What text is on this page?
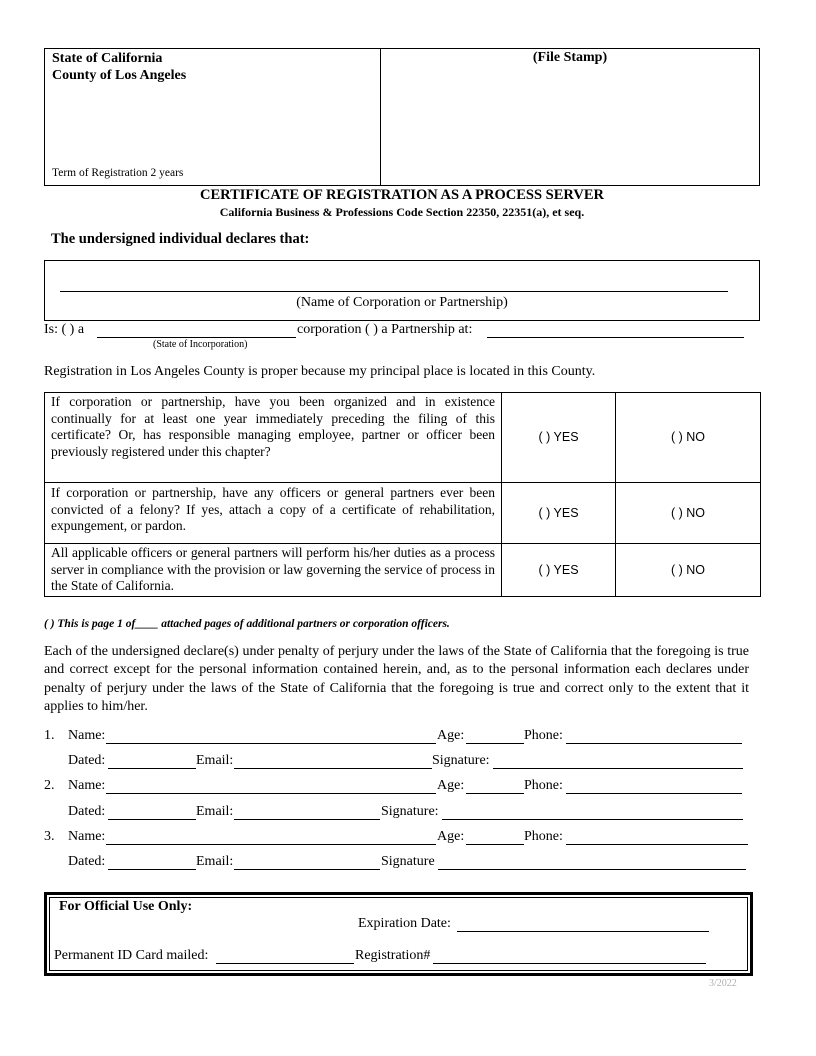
State of California
County of Los Angeles
Term of Registration 2 years
(File Stamp)
CERTIFICATE OF REGISTRATION AS A PROCESS SERVER
California Business & Professions Code Section 22350, 22351(a), et seq.
The undersigned individual declares that:
(Name of Corporation or Partnership)
Is: ( ) a	corporation ( ) a Partnership at:
(State of Incorporation)
Registration in Los Angeles County is proper because my principal place is located in this County.
If corporation or partnership, have you been organized and in existence continually for at least one year immediately preceding the filing of this certificate? Or, has responsible managing employee, partner or officer been previously registered under this chapter?	( ) YES	( ) NO
If corporation or partnership, have any officers or general partners ever been convicted of a felony? If yes, attach a copy of a certificate of rehabilitation, expungement, or pardon.	( ) YES	( ) NO
All applicable officers or general partners will perform his/her duties as a process server in compliance with the provision or law governing the service of process in the State of California.	( ) YES	( ) NO
( ) This is page 1 of____ attached pages of additional partners or corporation officers.
Each of the undersigned declare(s) under penalty of perjury under the laws of the State of California that the foregoing is true and correct except for the personal information contained herein, and, as to the personal information each declares under penalty of perjury under the laws of the State of California that the foregoing is true and correct only to the extent that it applies to him/her.
1. Name:	Age:	Phone:
Dated:	Email:	Signature:
2. Name:	Age:	Phone:
Dated:	Email:	Signature:
3. Name:	Age:	Phone:
Dated:	Email:	Signature
For Official Use Only:
Expiration Date:
Permanent ID Card mailed:	Registration#
3/2022
